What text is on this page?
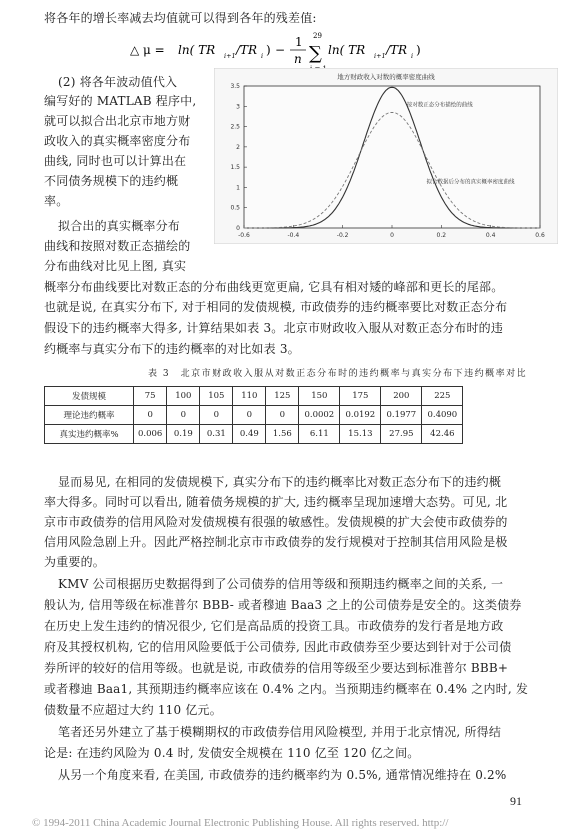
将各年的增长率减去均值就可以得到各年的残差值:
△ μ = ln( TR i+1 /TR i ) −
1
n
29
∑ ln( TR i+1 /TR i )
(2) 将各年波动值代入
编写好的 MATLAB 程序中,
就可以拟合出北京市地方财
政收入的真实概率密度分布
曲线, 同时也可以计算出在
不同债务规模下的违约概
率。
拟合出的真实概率分布
曲线和按照对数正态描绘的
分布曲线对比见上图, 真实
地方财政收入对数的概率密度曲线
-0.6	-0.4	-0.2	0	0.2	0.4	0.6
0
0.5
1
1.5
2
2.5
3
3.5
按对数正态分布描绘的曲线
拟合数据后分布的真实概率密度曲线
概率分布曲线要比对数正态的分布曲线更宽更扁, 它具有相对矮的峰部和更长的尾部。
也就是说, 在真实分布下, 对于相同的发债规模, 市政债券的违约概率要比对数正态分布
假设下的违约概率大得多, 计算结果如表 3。北京市财政收入服从对数正态分布时的违
约概率与真实分布下的违约概率的对比如表 3。
表 3　北京市财政收入服从对数正态分布时的违约概率与真实分布下违约概率对比
发债规模	75	100	105	110	125	150	175	200	225
理论违约概率	0	0	0	0	0	0.0002	0.0192	0.1977	0.4090
真实违约概率%	0.006	0.19	0.31	0.49	1.56	6.11	15.13	27.95	42.46
显而易见, 在相同的发债规模下, 真实分布下的违约概率比对数正态分布下的违约概
率大得多。同时可以看出, 随着债务规模的扩大, 违约概率呈现加速增大态势。可见, 北
京市市政债券的信用风险对发债规模有很强的敏感性。发债规模的扩大会使市政债券的
信用风险急剧上升。因此严格控制北京市市政债券的发行规模对于控制其信用风险是极
为重要的。
KMV 公司根据历史数据得到了公司债券的信用等级和预期违约概率之间的关系, 一
般认为, 信用等级在标准普尔 BBB- 或者穆迪 Baa3 之上的公司债券是安全的。这类债券
在历史上发生违约的情况很少, 它们是高品质的投资工具。市政债券的发行者是地方政
府及其授权机构, 它的信用风险要低于公司债券, 因此市政债券至少要达到针对于公司债
券所评的较好的信用等级。也就是说, 市政债券的信用等级至少要达到标准普尔 BBB+
或者穆迪 Baa1, 其预期违约概率应该在 0.4% 之内。当预期违约概率在 0.4% 之内时, 发
债数量不应超过大约 110 亿元。
笔者还另外建立了基于模糊期权的市政债券信用风险模型, 并用于北京情况, 所得结
论是: 在违约风险为 0.4 时, 发债安全规模在 110 亿至 120 亿之间。
从另一个角度来看, 在美国, 市政债券的违约概率约为 0.5%, 通常情况维持在 0.2%
91
© 1994-2011 China Academic Journal Electronic Publishing House. All rights reserved. http://
